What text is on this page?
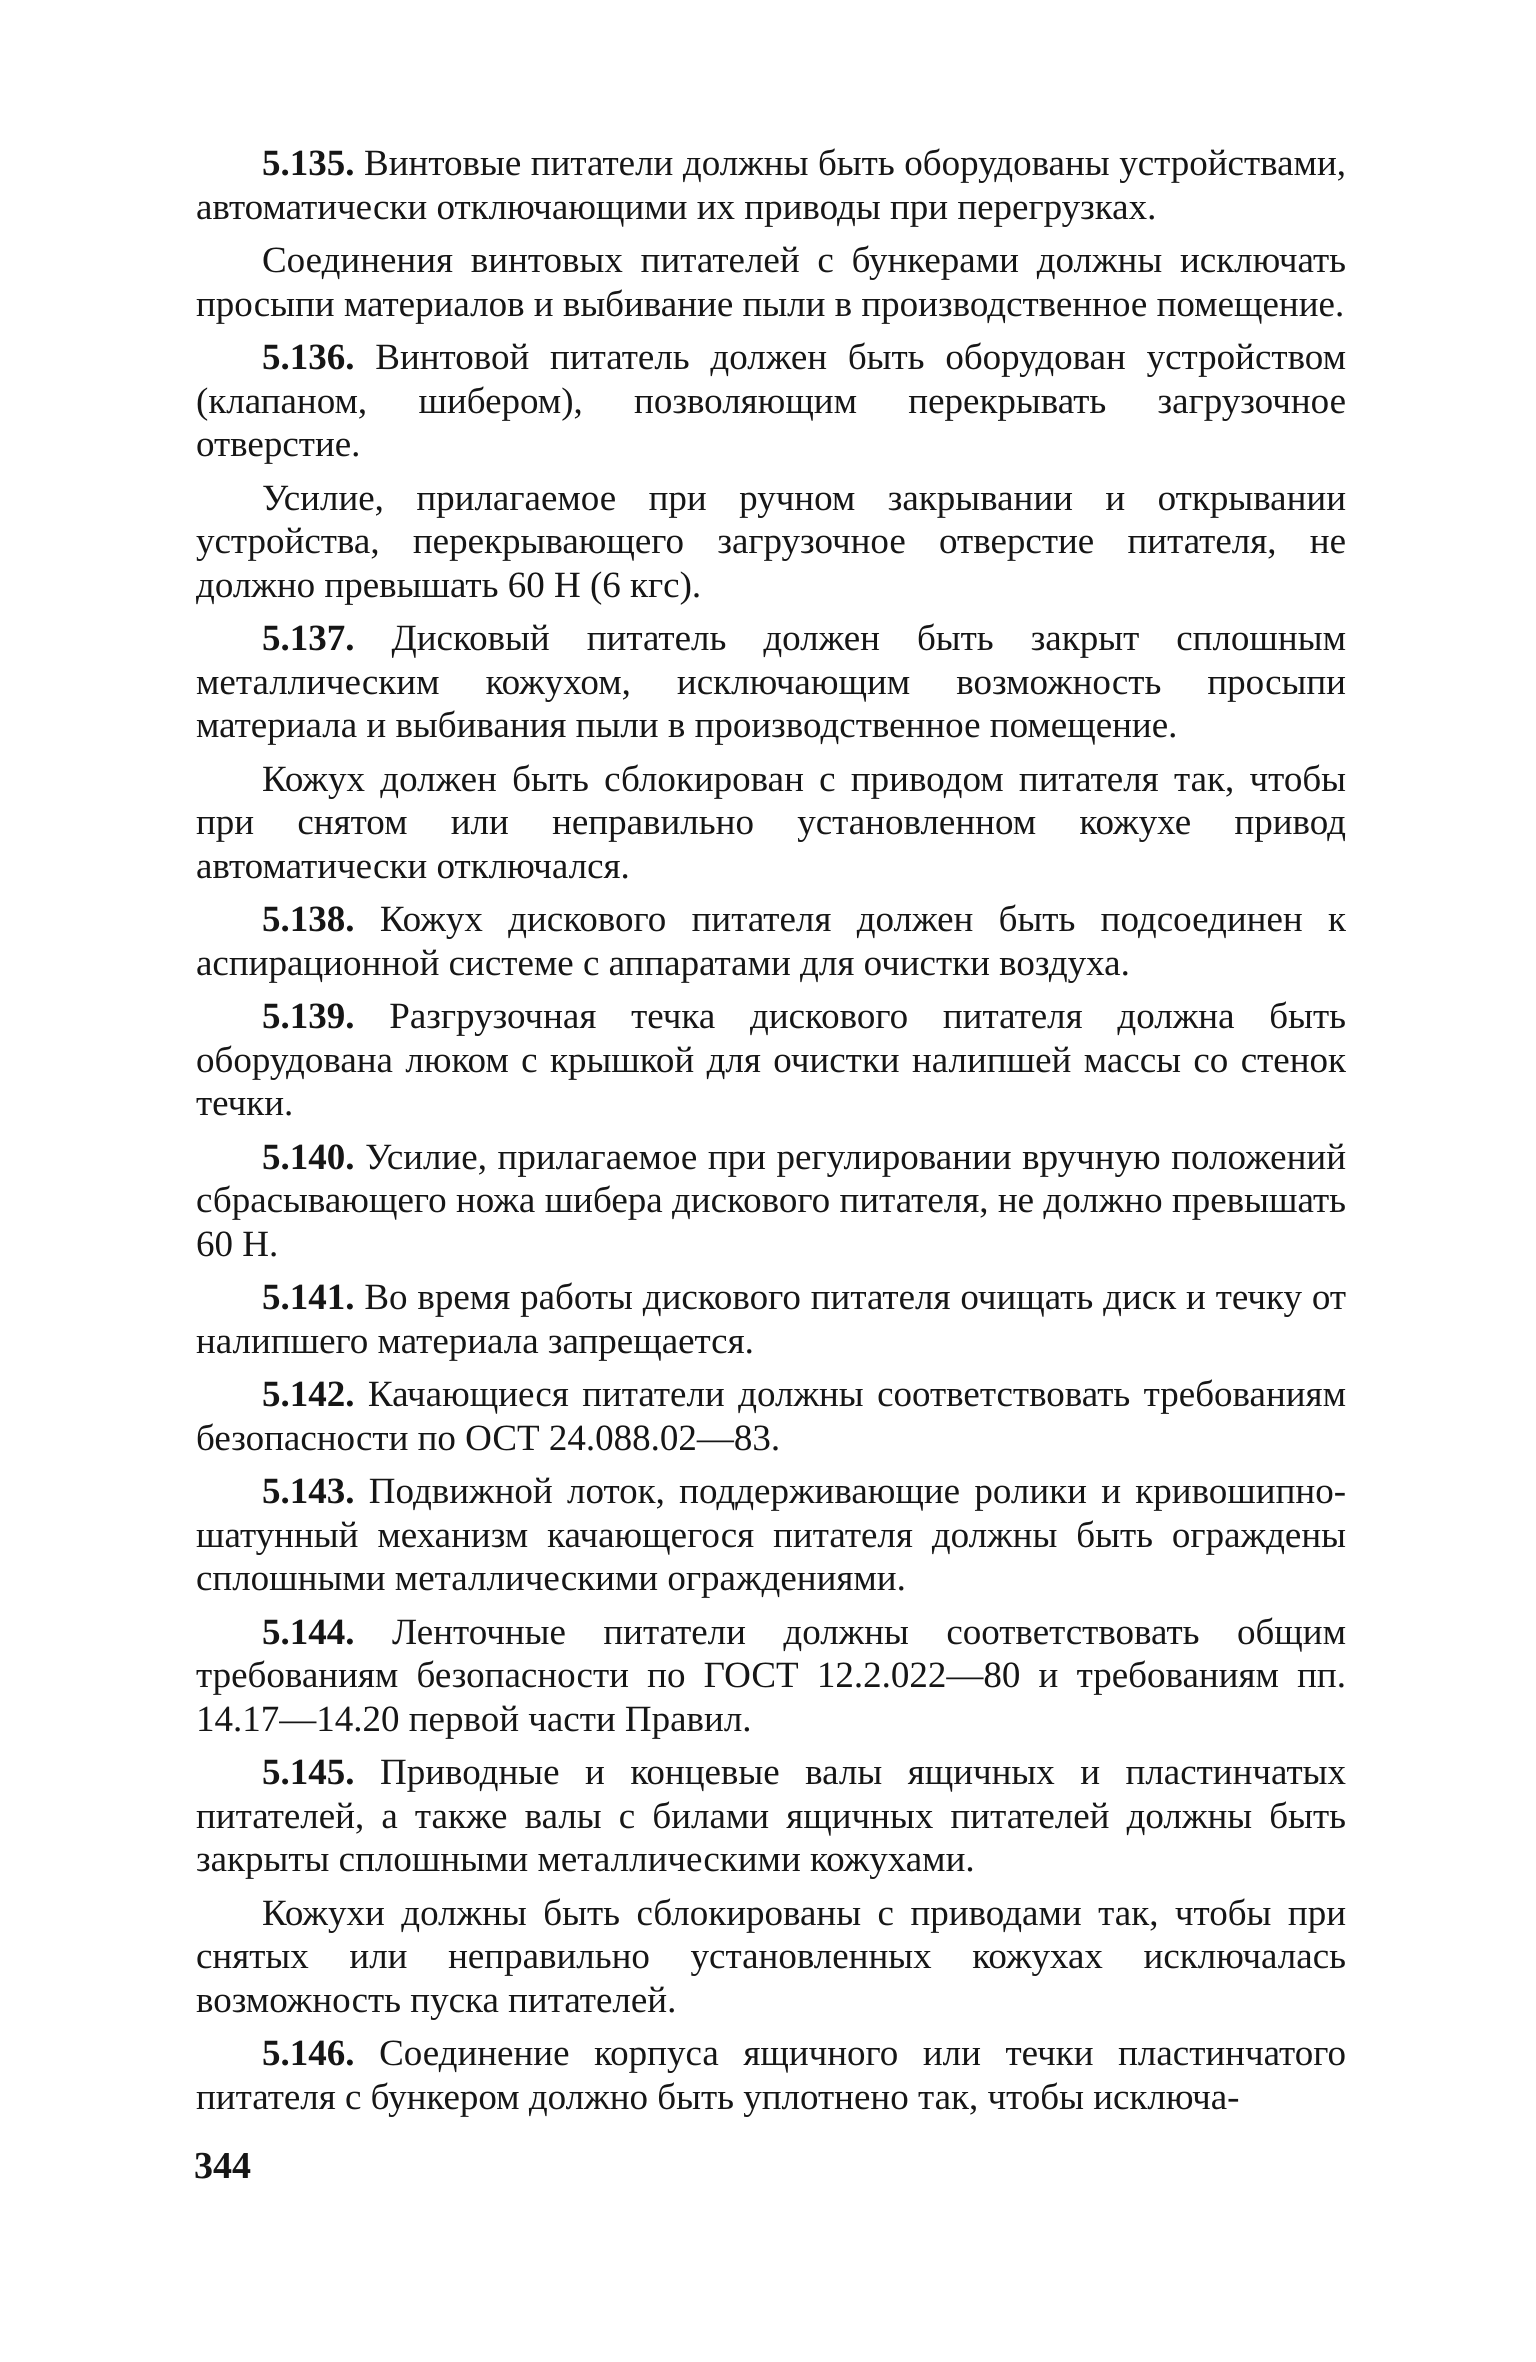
5.135. Винтовые питатели должны быть оборудованы устройствами, автоматически отключающими их приводы при перегрузках.

Соединения винтовых питателей с бункерами должны исключать просыпи материалов и выбивание пыли в производственное помещение.

5.136. Винтовой питатель должен быть оборудован устройством (клапаном, шибером), позволяющим перекрывать загрузочное отверстие.

Усилие, прилагаемое при ручном закрывании и открывании устройства, перекрывающего загрузочное отверстие питателя, не должно превышать 60 Н (6 кгс).

5.137. Дисковый питатель должен быть закрыт сплошным металлическим кожухом, исключающим возможность просыпи материала и выбивания пыли в производственное помещение.

Кожух должен быть сблокирован с приводом питателя так, чтобы при снятом или неправильно установленном кожухе привод автоматически отключался.

5.138. Кожух дискового питателя должен быть подсоединен к аспирационной системе с аппаратами для очистки воздуха.

5.139. Разгрузочная течка дискового питателя должна быть оборудована люком с крышкой для очистки налипшей массы со стенок течки.

5.140. Усилие, прилагаемое при регулировании вручную положений сбрасывающего ножа шибера дискового питателя, не должно превышать 60 Н.

5.141. Во время работы дискового питателя очищать диск и течку от налипшего материала запрещается.

5.142. Качающиеся питатели должны соответствовать требованиям безопасности по ОСТ 24.088.02—83.

5.143. Подвижной лоток, поддерживающие ролики и кривошипно-шатунный механизм качающегося питателя должны быть ограждены сплошными металлическими ограждениями.

5.144. Ленточные питатели должны соответствовать общим требованиям безопасности по ГОСТ 12.2.022—80 и требованиям пп. 14.17—14.20 первой части Правил.

5.145. Приводные и концевые валы ящичных и пластинчатых питателей, а также валы с билами ящичных питателей должны быть закрыты сплошными металлическими кожухами.

Кожухи должны быть сблокированы с приводами так, чтобы при снятых или неправильно установленных кожухах исключалась возможность пуска питателей.

5.146. Соединение корпуса ящичного или течки пластинчатого питателя с бункером должно быть уплотнено так, чтобы исключа-

344
